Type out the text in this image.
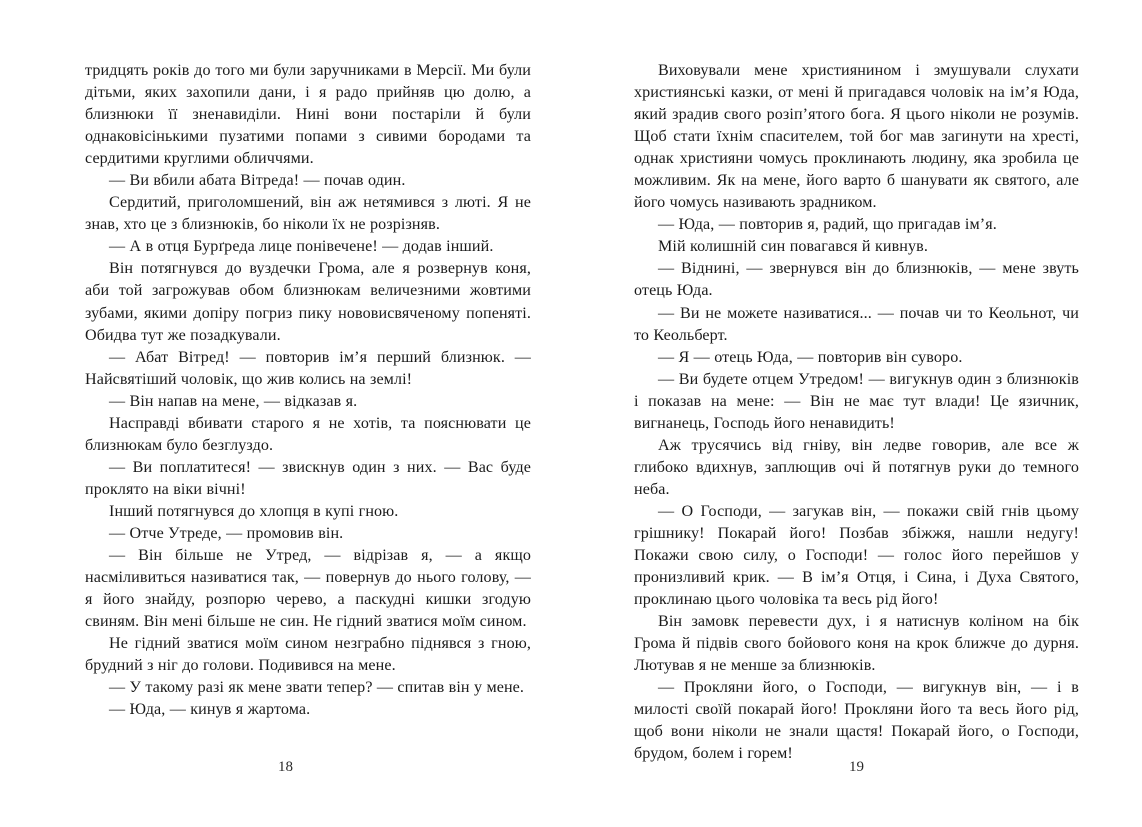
тридцять років до того ми були заручниками в Мерсії. Ми були дітьми, яких захопили дани, і я радо прийняв цю долю, а близнюки її зненавиділи. Нині вони постаріли й були однаковісінькими пузатими попами з сивими бородами та сердитими круглими обличчями.

— Ви вбили абата Вітреда! — почав один.

Сердитий, приголомшений, він аж нетямився з люті. Я не знав, хто це з близнюків, бо ніколи їх не розрізняв.

— А в отця Бурґреда лице понівечене! — додав інший.

Він потягнувся до вуздечки Грома, але я розвернув коня, аби той загрожував обом близнюкам величезними жовтими зубами, якими допіру погриз пику нововисвяченому попеняті. Обидва тут же позадкували.

— Абат Вітред! — повторив ім’я перший близнюк. — Найсвятіший чоловік, що жив колись на землі!

— Він напав на мене, — відказав я.

Насправді вбивати старого я не хотів, та пояснювати це близнюкам було безглуздо.

— Ви поплатитеся! — звискнув один з них. — Вас буде проклято на віки вічні!

Інший потягнувся до хлопця в купі гною.

— Отче Утреде, — промовив він.

— Він більше не Утред, — відрізав я, — а якщо насміливиться називатися так, — повернув до нього голову, — я його знайду, розпорю черево, а паскудні кишки згодую свиням. Він мені більше не син. Не гідний зватися моїм сином.

Не гідний зватися моїм сином незграбно піднявся з гною, брудний з ніг до голови. Подивився на мене.

— У такому разі як мене звати тепер? — спитав він у мене.

— Юда, — кинув я жартома.

18

Виховували мене християнином і змушували слухати християнські казки, от мені й пригадався чоловік на ім’я Юда, який зрадив свого розіп’ятого бога. Я цього ніколи не розумів. Щоб стати їхнім спасителем, той бог мав загинути на хресті, однак християни чомусь проклинають людину, яка зробила це можливим. Як на мене, його варто б шанувати як святого, але його чомусь називають зрадником.

— Юда, — повторив я, радий, що пригадав ім’я.

Мій колишній син повагався й кивнув.

— Віднині, — звернувся він до близнюків, — мене звуть отець Юда.

— Ви не можете називатися... — почав чи то Кеольнот, чи то Кеольберт.

— Я — отець Юда, — повторив він суворо.

— Ви будете отцем Утредом! — вигукнув один з близнюків і показав на мене: — Він не має тут влади! Це язичник, вигнанець, Господь його ненавидить!

Аж трусячись від гніву, він ледве говорив, але все ж глибоко вдихнув, заплющив очі й потягнув руки до темного неба.

— О Господи, — загукав він, — покажи свій гнів цьому грішнику! Покарай його! Позбав збіжжя, нашли недугу! Покажи свою силу, о Господи! — голос його перейшов у пронизливий крик. — В ім’я Отця, і Сина, і Духа Святого, проклинаю цього чоловіка та весь рід його!

Він замовк перевести дух, і я натиснув коліном на бік Грома й підвів свого бойового коня на крок ближче до дурня. Лютував я не менше за близнюків.

— Прокляни його, о Господи, — вигукнув він, — і в милості своїй покарай його! Прокляни його та весь його рід, щоб вони ніколи не знали щастя! Покарай його, о Господи, брудом, болем і горем!

19
